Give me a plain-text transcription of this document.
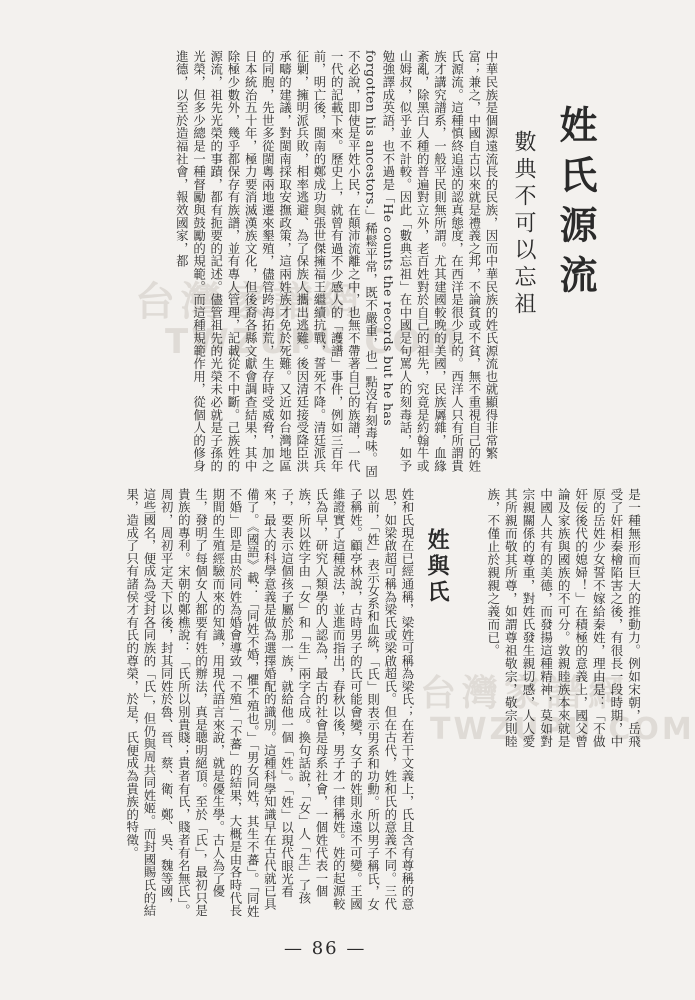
台灣家譜網
TWZUPU.COM
台灣家譜網
TWZUPU.COM
姓氏源流
數典不可以忘祖
中華民族是個源遠流長的民族，因而中華民族的姓氏源流也就顯得非常繁富；兼之，中國自古以來就是禮義之邦，不論貧或不貧，無不重視自己的姓氏源流。這種慎終追遠的認真態度，在西洋是很少見的。西洋人只有所謂貴族才講究譜系，一般平民則無所謂。尤其建國較晚的美國，民族羼雜，血緣紊亂，除黑白人種的普遍對立外，老百姓對於自己的祖先，究竟是約翰牛或山姆叔，似乎並不計較。因此「數典忘祖」在中國是句罵人的刻毒話，如予勉強譯成英語，也不過是「He counts the records but he has forgotten his ancestors.」稀鬆平常，既不嚴重，也一點沒有刻毒味。固不必說，即使是平姓小民，在顛沛流離之中，也無不帶著自己的族譜，一代一代的記載下來。歷史上，就曾有過不少感人的「護譜」事件，例如三百年前，明亡後，閩南的鄭成功與張世傑擁福王繼續抗戰，誓死不降。清廷派兵征剿，擁明派兵敗，相率逃避、為了保族人攜出逃難。後因清廷接受降臣洪承疇的建議，對閩南採取安撫政策，這兩姓族才免於死難。又近如台灣地區的同胞，先世多從閩粵兩地遷來墾殖，儘管跨海拓荒，生存時受威脅，加之日本統治五十年，極力要消滅漢族文化，但後裔各縣文獻會調查結果，其中除極少數外，幾乎都保存有族譜，並有專人管理，記載從不中斷。己族姓的源流，祖先光榮的事蹟，都有扼要的記述。儘管祖先的光榮未必就是子孫的光榮，但多少總是一種督勵與鼓勵的規範。而這種規範作用，從個人的修身進德，以至於造福社會，報效國家，都
是一種無形而巨大的推動力。例如宋朝，岳飛受了奸相秦檜陷害之後，有很長一段時期，中原的岳姓少女誓不嫁給秦姓，理由是：「不做奸佞後代的媳婦！」在積極的意義上，國父曾論及家族與國族的不可分。敦親睦族本來就是中國人共有的美德，而發揚這種精神，莫如對宗親關係的尊重，對姓氏發生親切感，人人愛其所親而敬其所尊，如謂尊祖敬宗，敬宗則睦族，不僅止於親親之義而已。
姓與氏
姓和氏現在已經通稱，梁姓可稱為梁氏；在若干文義上，氏且含有尊稱的意思，如梁啟超可稱為梁氏或梁啟超氏。但在古代，姓和氏的意義不同。三代以前，「姓」表示女系和血統，「氏」則表示男系和功勳。所以男子稱氏，女子稱姓。顧亭林說，古時男子的氏可能會變，女子的姓則永遠不可變。王國維證實了這種說法，並進而指出，春秋以後，男子才一律稱姓。姓的起源較氏為早，研究人類學的人認為，最古的社會是母系社會，一個姓代表一個族，所以姓字由「女」和「生」兩字合成。換句話說，「女」人「生」了孩子，要表示這個孩子屬於那一族，就給他一個「姓」。「姓」以現代眼光看來，最大的科學意義是做為選擇婚配的識別。這種科學知識早在古代就已具備了。《國語》載：「同姓不婚，懼不殖也。」「男女同姓，其生不蕃」。「同姓不婚」即是由於同姓為婚會導致「不殖」「不蕃」的結果，大概是由各時代長期間的生殖經驗而來的知識，用現代語言來說，就是優生學。古人為了優生，發明了每個女人都要有姓的辦法，真是聰明絕頂。至於「氏」，最初只是貴族的專利。宋朝的鄭樵說：「氏所以別貴賤；貴者有氏，賤者有名無氏」。周初，周初平定天下以後，封其同姓於魯、晉、蔡、衛、鄭、吳、魏等國，這些國名，便成為受封各同族的「氏」，但仍與周共同姓姬。而封國賜氏的結果，造成了只有諸侯才有氏的尊榮，於是，氏便成為貴族的特徵。
— 86 —
